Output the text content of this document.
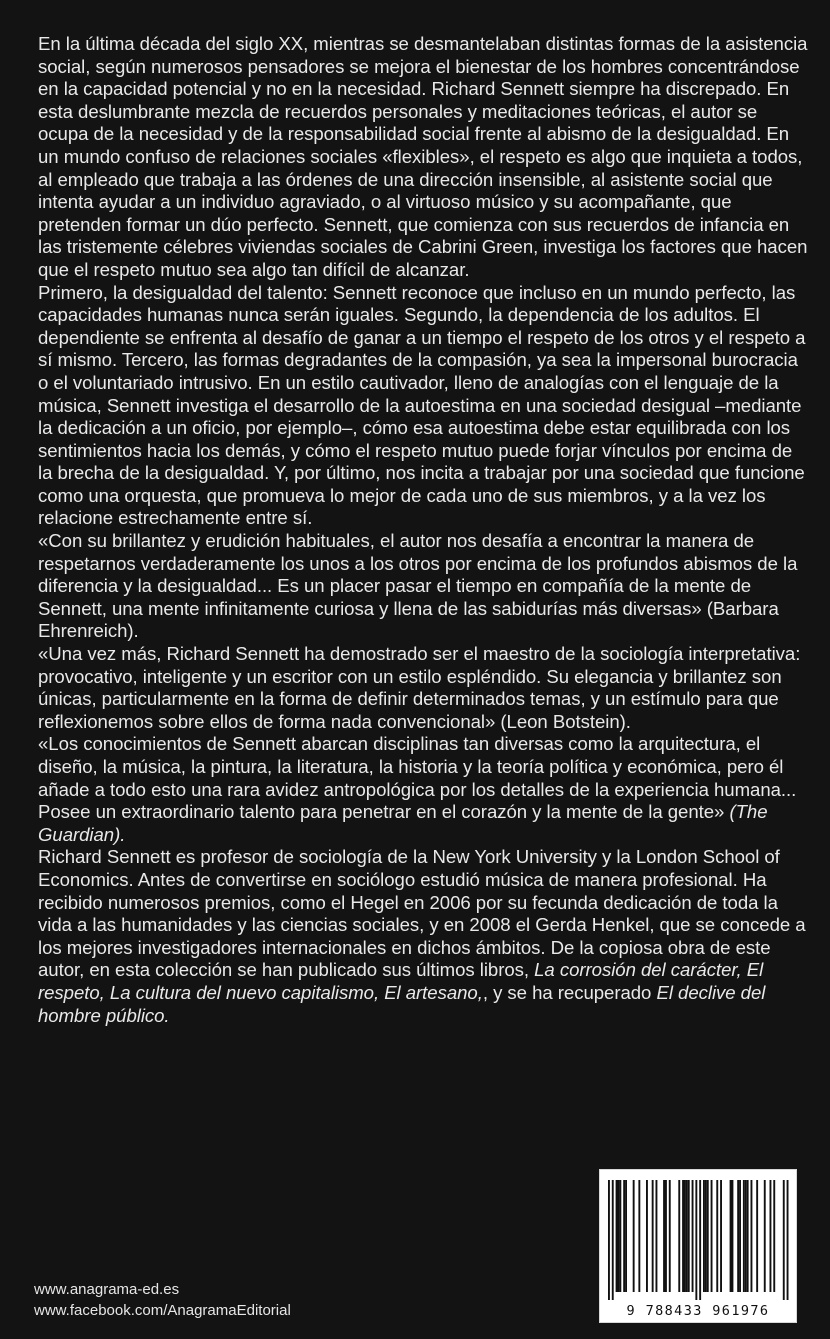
En la última década del siglo XX, mientras se desmantelaban distintas formas de la asistencia social, según numerosos pensadores se mejora el bienestar de los hombres concentrándose en la capacidad potencial y no en la necesidad. Richard Sennett siempre ha discrepado. En esta deslumbrante mezcla de recuerdos personales y meditaciones teóricas, el autor se ocupa de la necesidad y de la responsabilidad social frente al abismo de la desigualdad. En un mundo confuso de relaciones sociales «flexibles», el respeto es algo que inquieta a todos, al empleado que trabaja a las órdenes de una dirección insensible, al asistente social que intenta ayudar a un individuo agraviado, o al virtuoso músico y su acompañante, que pretenden formar un dúo perfecto. Sennett, que comienza con sus recuerdos de infancia en las tristemente célebres viviendas sociales de Cabrini Green, investiga los factores que hacen que el respeto mutuo sea algo tan difícil de alcanzar.

Primero, la desigualdad del talento: Sennett reconoce que incluso en un mundo perfecto, las capacidades humanas nunca serán iguales. Segundo, la dependencia de los adultos. El dependiente se enfrenta al desafío de ganar a un tiempo el respeto de los otros y el respeto a sí mismo. Tercero, las formas degradantes de la compasión, ya sea la impersonal burocracia o el voluntariado intrusivo. En un estilo cautivador, lleno de analogías con el lenguaje de la música, Sennett investiga el desarrollo de la autoestima en una sociedad desigual –mediante la dedicación a un oficio, por ejemplo–, cómo esa autoestima debe estar equilibrada con los sentimientos hacia los demás, y cómo el respeto mutuo puede forjar vínculos por encima de la brecha de la desigualdad. Y, por último, nos incita a trabajar por una sociedad que funcione como una orquesta, que promueva lo mejor de cada uno de sus miembros, y a la vez los relacione estrechamente entre sí.

«Con su brillantez y erudición habituales, el autor nos desafía a encontrar la manera de respetarnos verdaderamente los unos a los otros por encima de los profundos abismos de la diferencia y la desigualdad... Es un placer pasar el tiempo en compañía de la mente de Sennett, una mente infinitamente curiosa y llena de las sabidurías más diversas» (Barbara Ehrenreich).

«Una vez más, Richard Sennett ha demostrado ser el maestro de la sociología interpretativa: provocativo, inteligente y un escritor con un estilo espléndido. Su elegancia y brillantez son únicas, particularmente en la forma de definir determinados temas, y un estímulo para que reflexionemos sobre ellos de forma nada convencional» (Leon Botstein).

«Los conocimientos de Sennett abarcan disciplinas tan diversas como la arquitectura, el diseño, la música, la pintura, la literatura, la historia y la teoría política y económica, pero él añade a todo esto una rara avidez antropológica por los detalles de la experiencia humana... Posee un extraordinario talento para penetrar en el corazón y la mente de la gente» (The Guardian).

Richard Sennett es profesor de sociología de la New York University y la London School of Economics. Antes de convertirse en sociólogo estudió música de manera profesional. Ha recibido numerosos premios, como el Hegel en 2006 por su fecunda dedicación de toda la vida a las humanidades y las ciencias sociales, y en 2008 el Gerda Henkel, que se concede a los mejores investigadores internacionales en dichos ámbitos. De la copiosa obra de este autor, en esta colección se han publicado sus últimos libros, La corrosión del carácter, El respeto, La cultura del nuevo capitalismo, El artesano,, y se ha recuperado El declive del hombre público.

www.anagrama-ed.es
www.facebook.com/AnagramaEditorial	9 788433 961976
